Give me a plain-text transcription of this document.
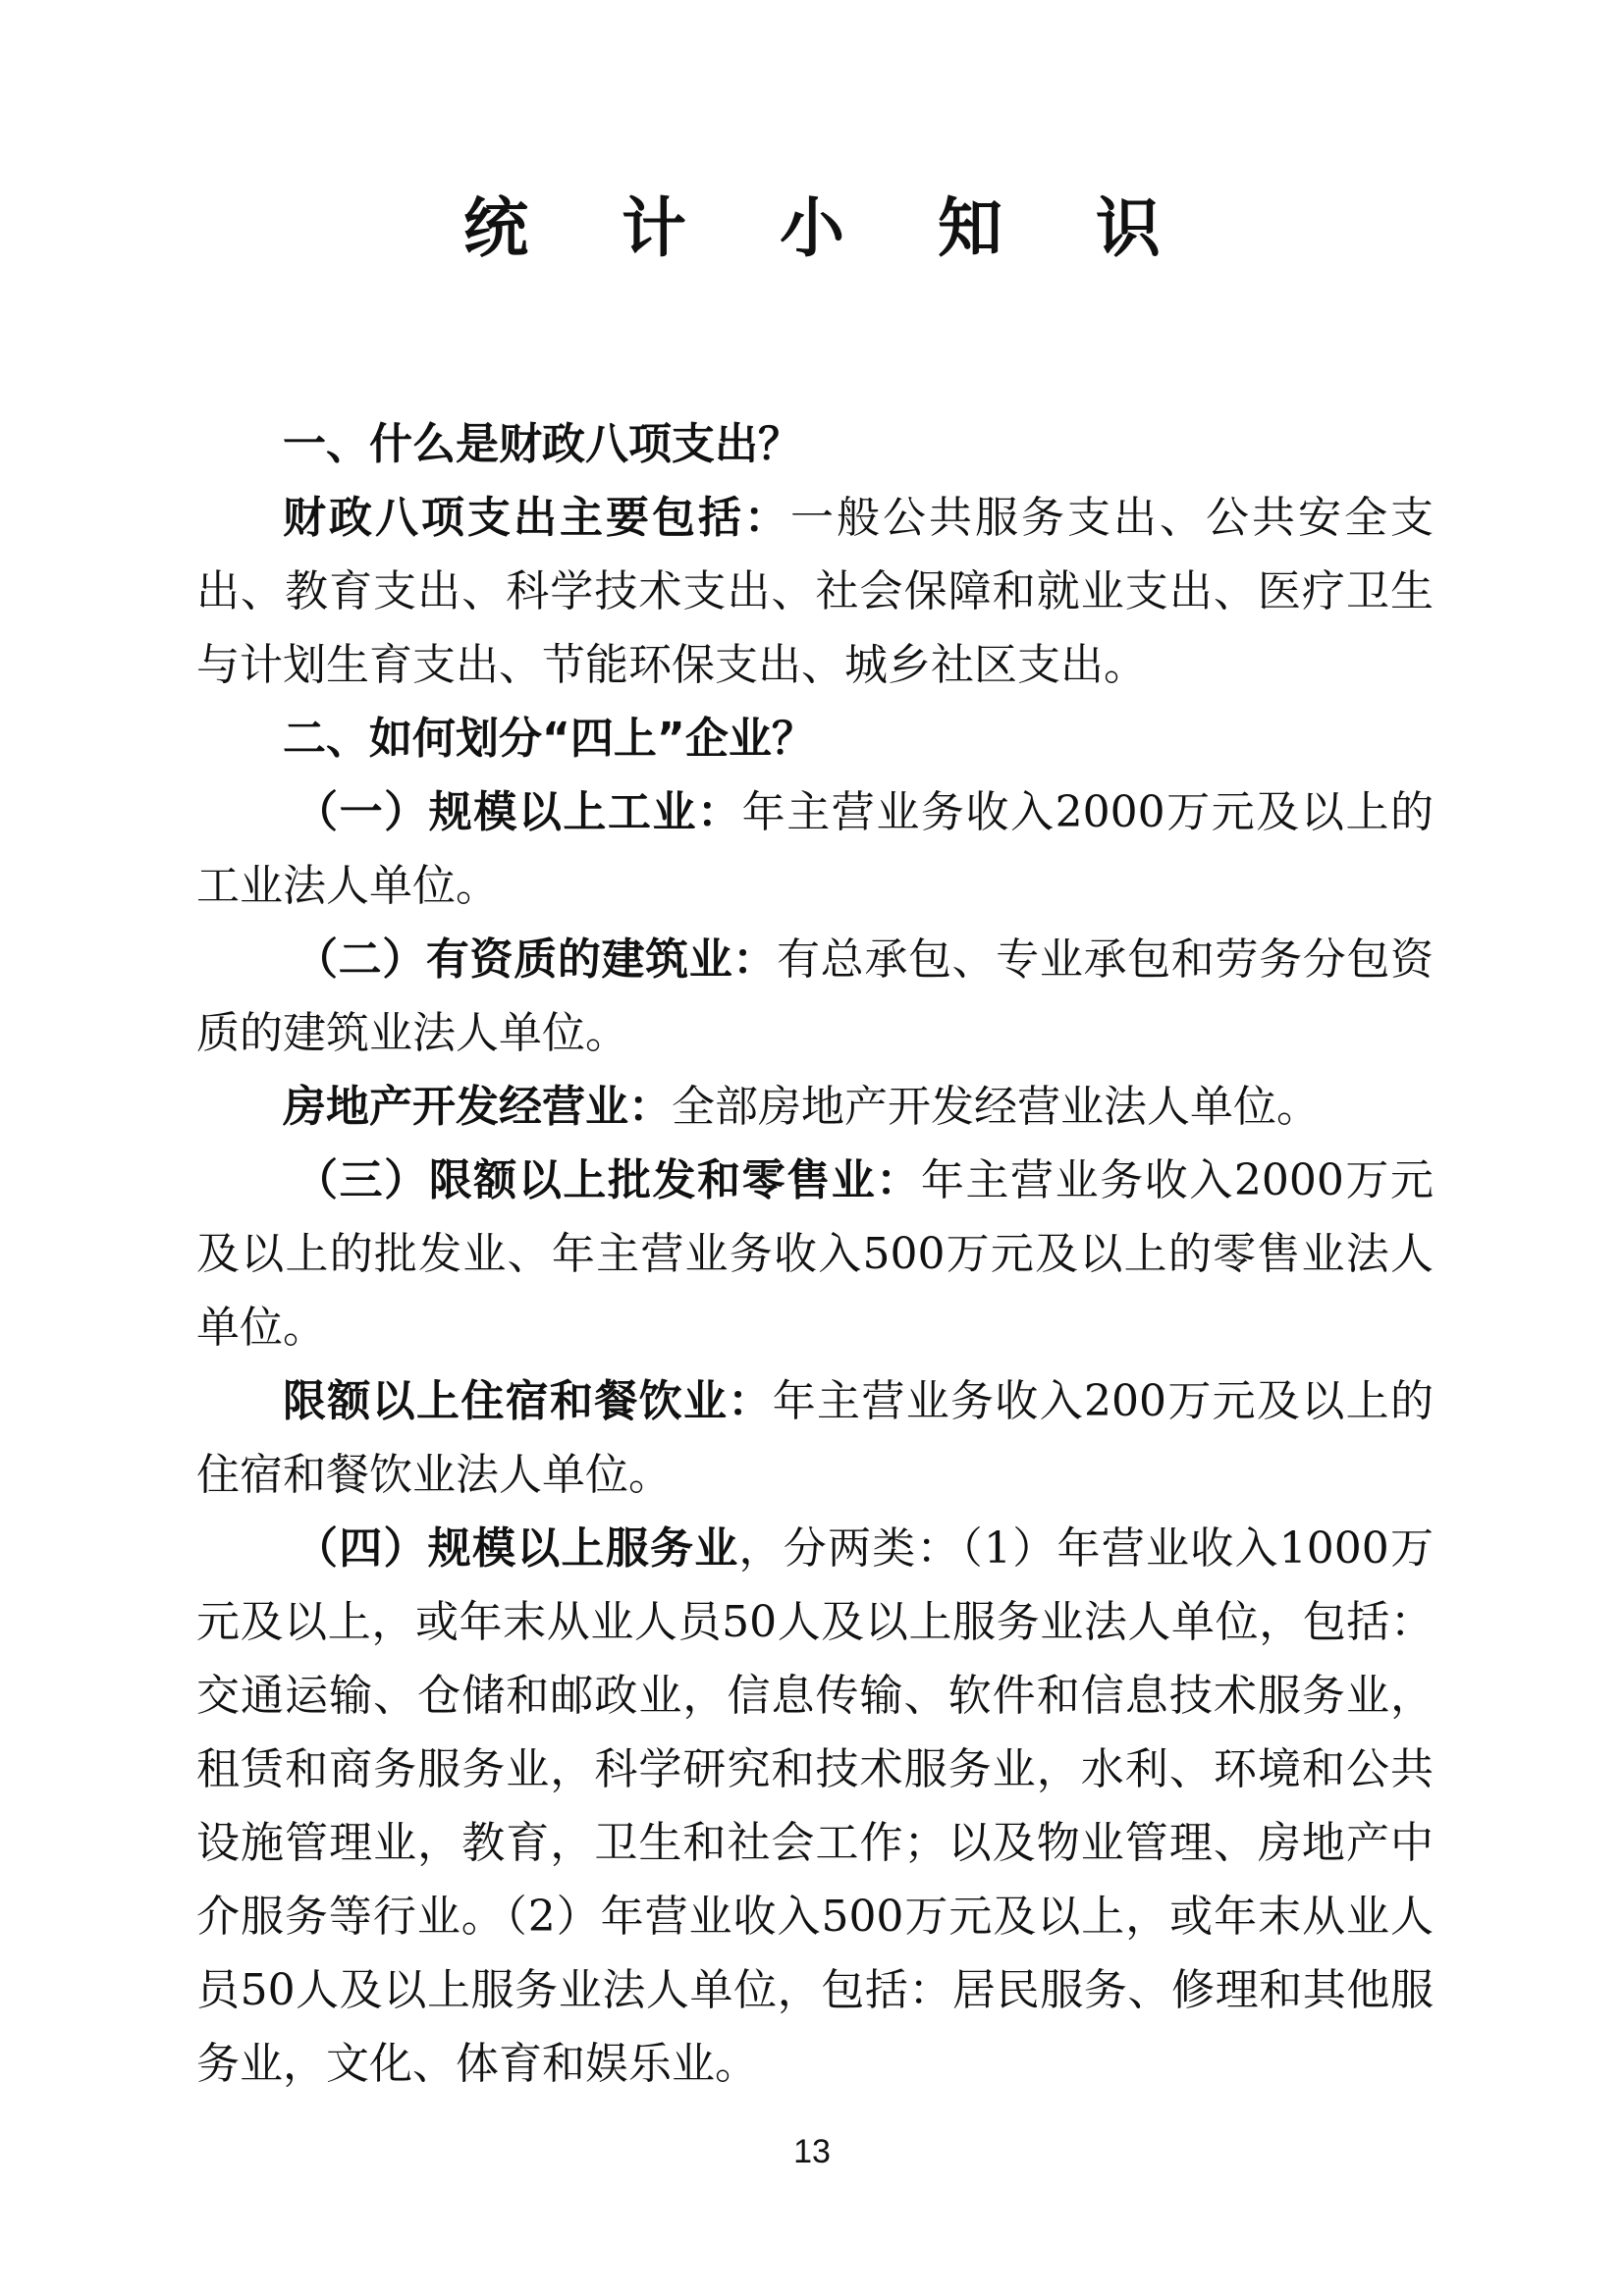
统 计 小 知 识

一、什么是财政八项支出？

财政八项支出主要包括：一般公共服务支出、公共安全支出、教育支出、科学技术支出、社会保障和就业支出、医疗卫生与计划生育支出、节能环保支出、城乡社区支出。

二、如何划分“四上”企业？

（一）规模以上工业：年主营业务收入2000万元及以上的工业法人单位。

（二）有资质的建筑业：有总承包、专业承包和劳务分包资质的建筑业法人单位。

房地产开发经营业：全部房地产开发经营业法人单位。

（三）限额以上批发和零售业：年主营业务收入2000万元及以上的批发业、年主营业务收入500万元及以上的零售业法人单位。

限额以上住宿和餐饮业：年主营业务收入200万元及以上的住宿和餐饮业法人单位。

（四）规模以上服务业，分两类：（1）年营业收入1000万元及以上，或年末从业人员50人及以上服务业法人单位，包括：交通运输、仓储和邮政业，信息传输、软件和信息技术服务业，租赁和商务服务业，科学研究和技术服务业，水利、环境和公共设施管理业，教育，卫生和社会工作；以及物业管理、房地产中介服务等行业。（2）年营业收入500万元及以上，或年末从业人员50人及以上服务业法人单位，包括：居民服务、修理和其他服务业，文化、体育和娱乐业。

13
